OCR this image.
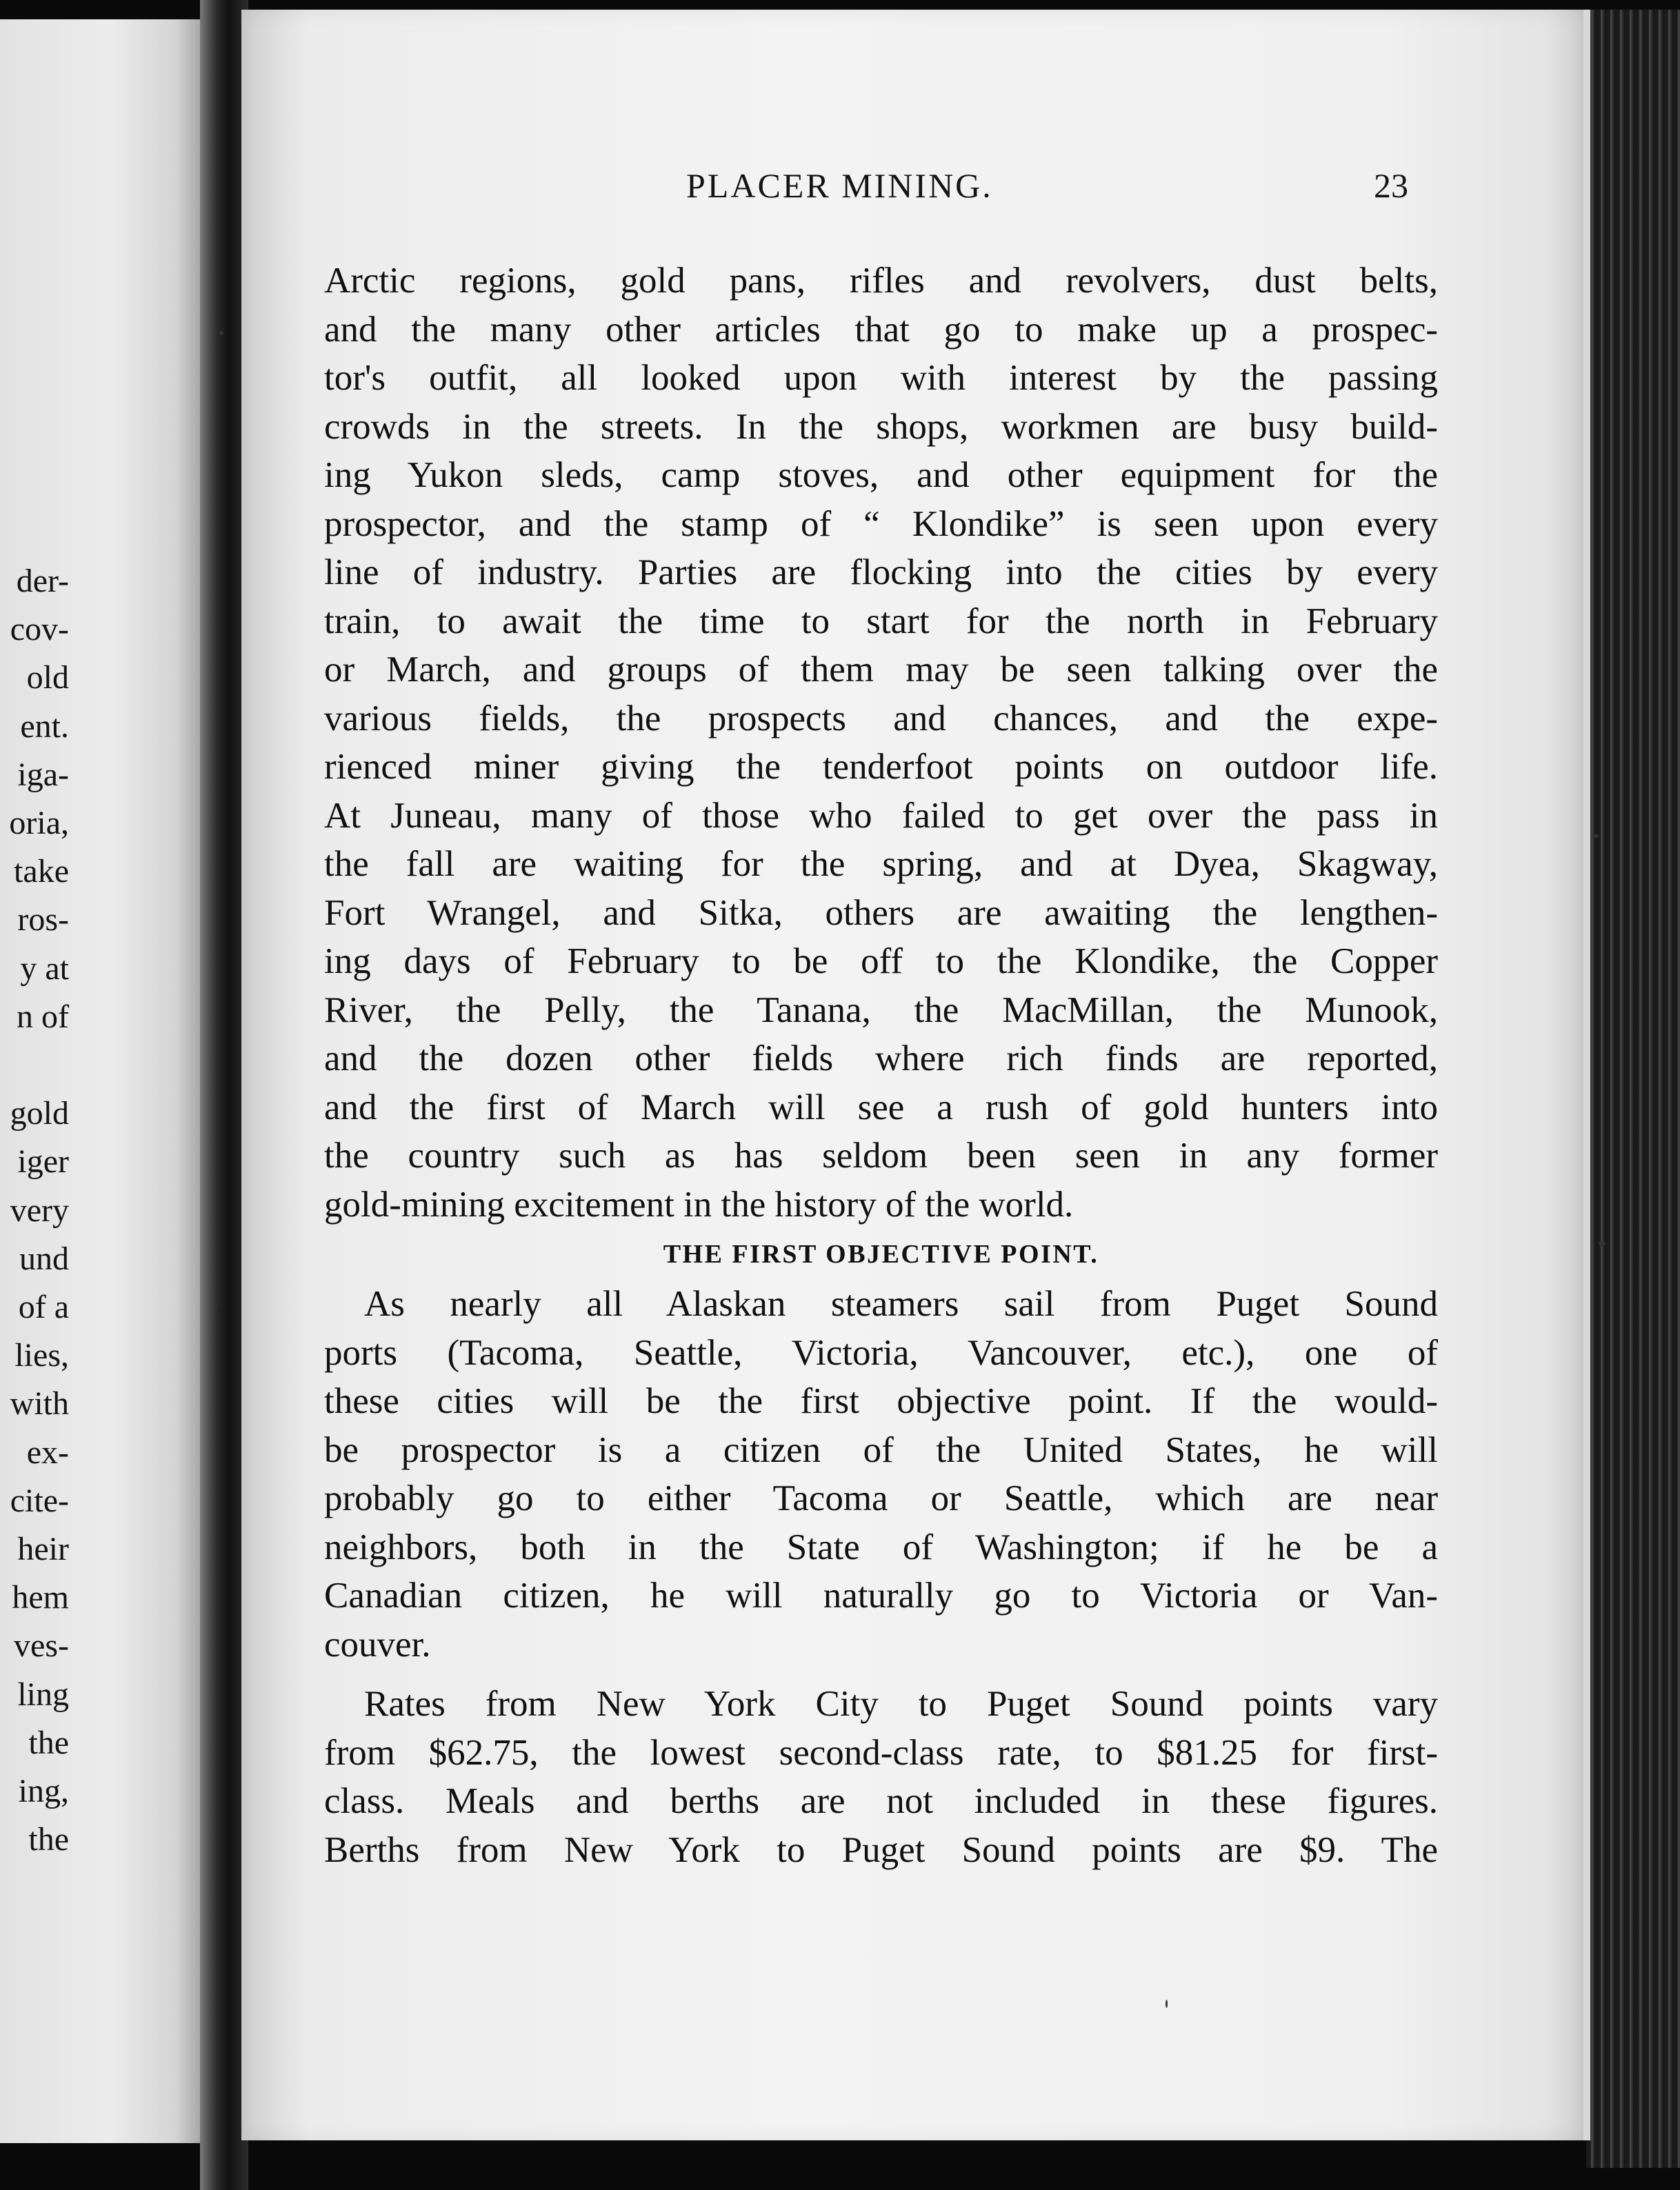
der-
cov-
old
ent.
iga-
oria,
take
ros-
y at
n of
gold
iger
very
und
of a
lies,
with
ex-
cite-
heir
hem
ves-
ling
the
ing,
the
PLACER MINING.	23
Arctic regions, gold pans, rifles and revolvers, dust belts,
and the many other articles that go to make up a prospec-
tor's outfit, all looked upon with interest by the passing
crowds in the streets. In the shops, workmen are busy build-
ing Yukon sleds, camp stoves, and other equipment for the
prospector, and the stamp of “ Klondike” is seen upon every
line of industry. Parties are flocking into the cities by every
train, to await the time to start for the north in February
or March, and groups of them may be seen talking over the
various fields, the prospects and chances, and the expe-
rienced miner giving the tenderfoot points on outdoor life.
At Juneau, many of those who failed to get over the pass in
the fall are waiting for the spring, and at Dyea, Skagway,
Fort Wrangel, and Sitka, others are awaiting the lengthen-
ing days of February to be off to the Klondike, the Copper
River, the Pelly, the Tanana, the MacMillan, the Munook,
and the dozen other fields where rich finds are reported,
and the first of March will see a rush of gold hunters into
the country such as has seldom been seen in any former
gold-mining excitement in the history of the world.
THE FIRST OBJECTIVE POINT.
As nearly all Alaskan steamers sail from Puget Sound
ports (Tacoma, Seattle, Victoria, Vancouver, etc.), one of
these cities will be the first objective point. If the would-
be prospector is a citizen of the United States, he will
probably go to either Tacoma or Seattle, which are near
neighbors, both in the State of Washington; if he be a
Canadian citizen, he will naturally go to Victoria or Van-
couver.
Rates from New York City to Puget Sound points vary
from $62.75, the lowest second-class rate, to $81.25 for first-
class. Meals and berths are not included in these figures.
Berths from New York to Puget Sound points are $9. The
